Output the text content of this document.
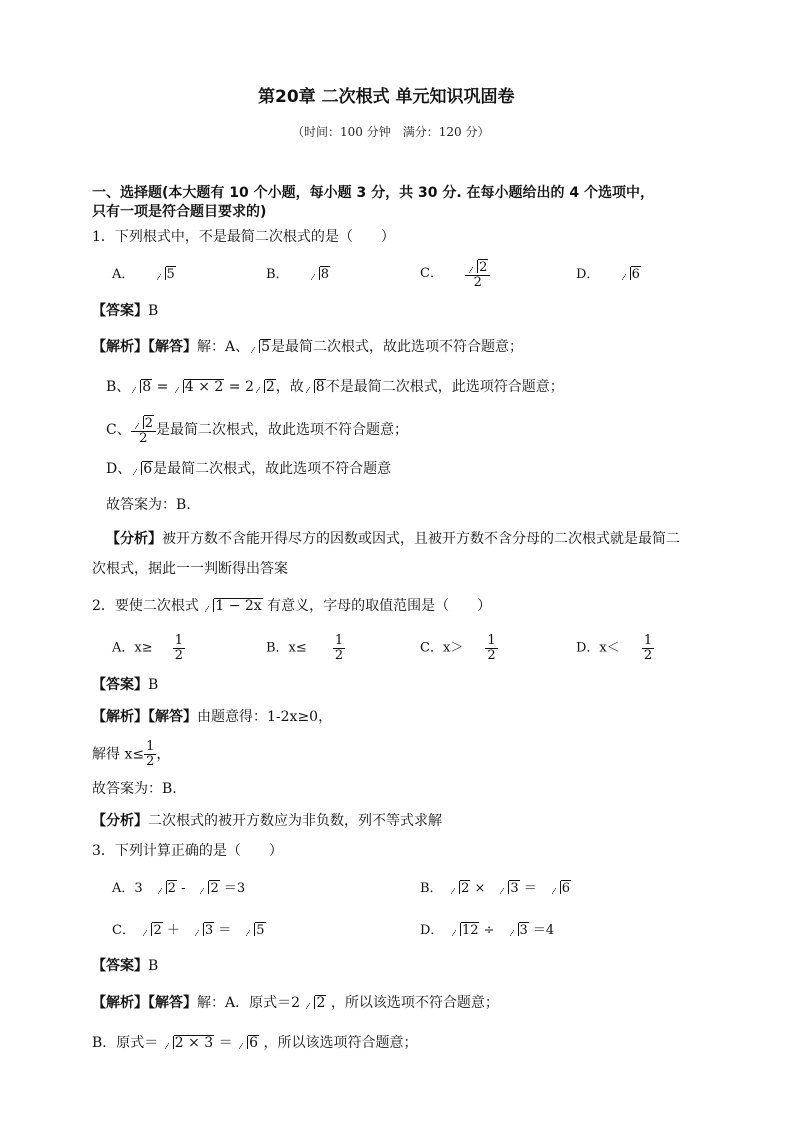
第20章 二次根式 单元知识巩固卷
（时间：100 分钟　满分：120 分）
一、选择题(本大题有 10 个小题，每小题 3 分，共 30 分. 在每小题给出的 4 个选项中，
只有一项是符合题目要求的)
1．下列根式中，不是最简二次根式的是（　　）
A． 5	B． 8	C． $\frac{2}{2}$	D． 6
【答案】B
【解析】【解答】解：A、 5是最简二次根式，故此选项不符合题意；
B、 8 = 4 × 2 = 2 2，故 8不是最简二次根式，此选项符合题意；
C、 $\frac{2}{2}$ 是最简二次根式，故此选项不符合题意；
D、 6是最简二次根式，故此选项不符合题意
故答案为：B.
【分析】被开方数不含能开得尽方的因数或因式，且被开方数不含分母的二次根式就是最简二
次根式，据此一一判断得出答案
2．要使二次根式 1 − 2x 有意义，字母的取值范围是（　　）
A．$x\ge \frac{1}{2}$	B．$x\le \frac{1}{2}$	C．$x> \frac{1}{2}$	D．$x< \frac{1}{2}$
【答案】B
【解析】【解答】由题意得：1-2x≥0，
解得 $x\le \frac{1}{2}$ ，
故答案为：B.
【分析】二次根式的被开方数应为非负数，列不等式求解
3．下列计算正确的是（　　）
A．3　2 -　2 ＝3	B．　2 ×　3 ＝　6
C．　2 ＋　3 ＝　5	D．　12 ÷　3 ＝4
【答案】B
【解析】【解答】解：A．原式＝2 2 ，所以该选项不符合题意；
B．原式＝ 2 × 3 ＝ 6 ，所以该选项符合题意；
